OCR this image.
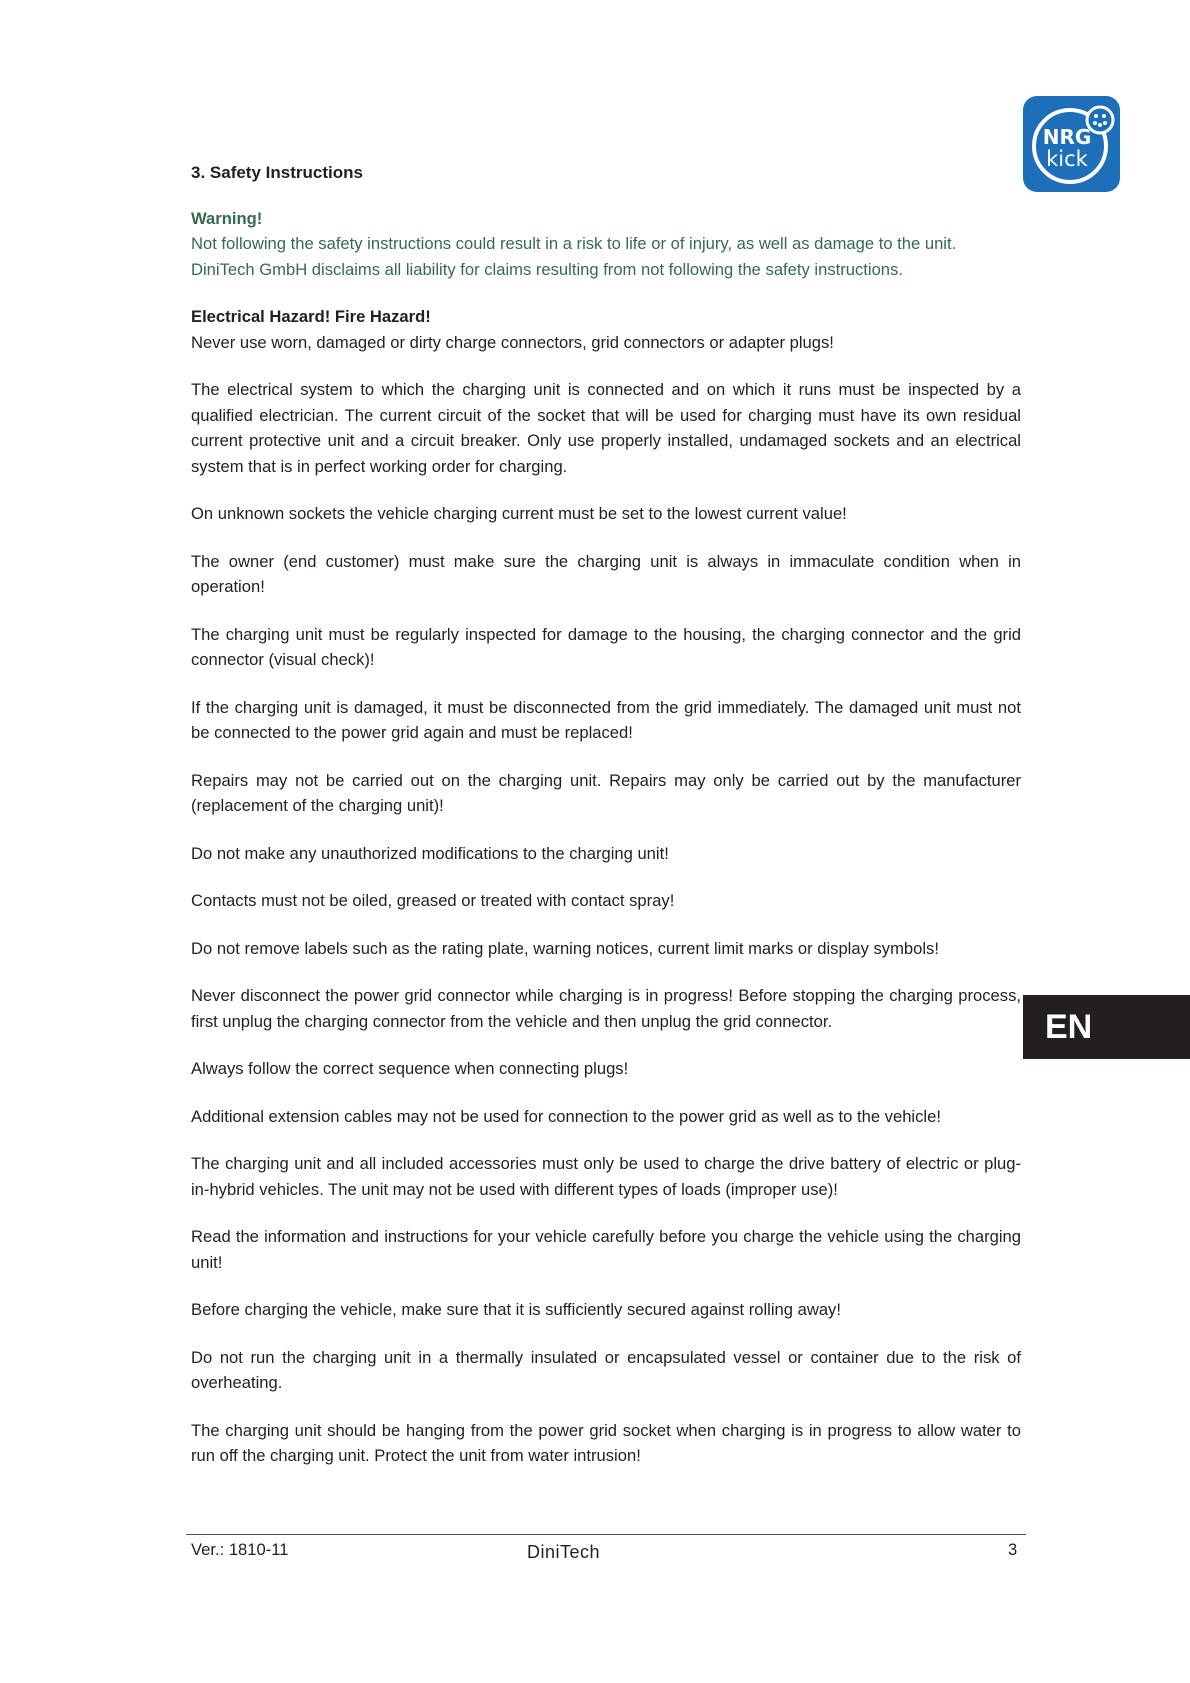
NRG
kick

3. Safety Instructions

Warning!

Not following the safety instructions could result in a risk to life or of injury, as well as damage to the unit. DiniTech GmbH disclaims all liability for claims resulting from not following the safety instructions.

Electrical Hazard! Fire Hazard!

Never use worn, damaged or dirty charge connectors, grid connectors or adapter plugs!

The electrical system to which the charging unit is connected and on which it runs must be inspected by a qualified electrician. The current circuit of the socket that will be used for charging must have its own residual current protective unit and a circuit breaker. Only use properly installed, undamaged sockets and an electrical system that is in perfect working order for charging.

On unknown sockets the vehicle charging current must be set to the lowest current value!

The owner (end customer) must make sure the charging unit is always in immaculate condition when in operation!

The charging unit must be regularly inspected for damage to the housing, the charging connector and the grid connector (visual check)!

If the charging unit is damaged, it must be disconnected from the grid immediately. The damaged unit must not be connected to the power grid again and must be replaced!

Repairs may not be carried out on the charging unit. Repairs may only be carried out by the manufacturer (replacement of the charging unit)!

Do not make any unauthorized modifications to the charging unit!

Contacts must not be oiled, greased or treated with contact spray!

Do not remove labels such as the rating plate, warning notices, current limit marks or display symbols!

Never disconnect the power grid connector while charging is in progress! Before stopping the charging process, first unplug the charging connector from the vehicle and then unplug the grid connector.

Always follow the correct sequence when connecting plugs!

Additional extension cables may not be used for connection to the power grid as well as to the vehicle!

The charging unit and all included accessories must only be used to charge the drive battery of electric or plug-in-hybrid vehicles. The unit may not be used with different types of loads (improper use)!

Read the information and instructions for your vehicle carefully before you charge the vehicle using the charging unit!

Before charging the vehicle, make sure that it is sufficiently secured against rolling away!

Do not run the charging unit in a thermally insulated or encapsulated vessel or container due to the risk of overheating.

The charging unit should be hanging from the power grid socket when charging is in progress to allow water to run off the charging unit. Protect the unit from water intrusion!

EN
Ver.: 1810-11	DiniTech	3
